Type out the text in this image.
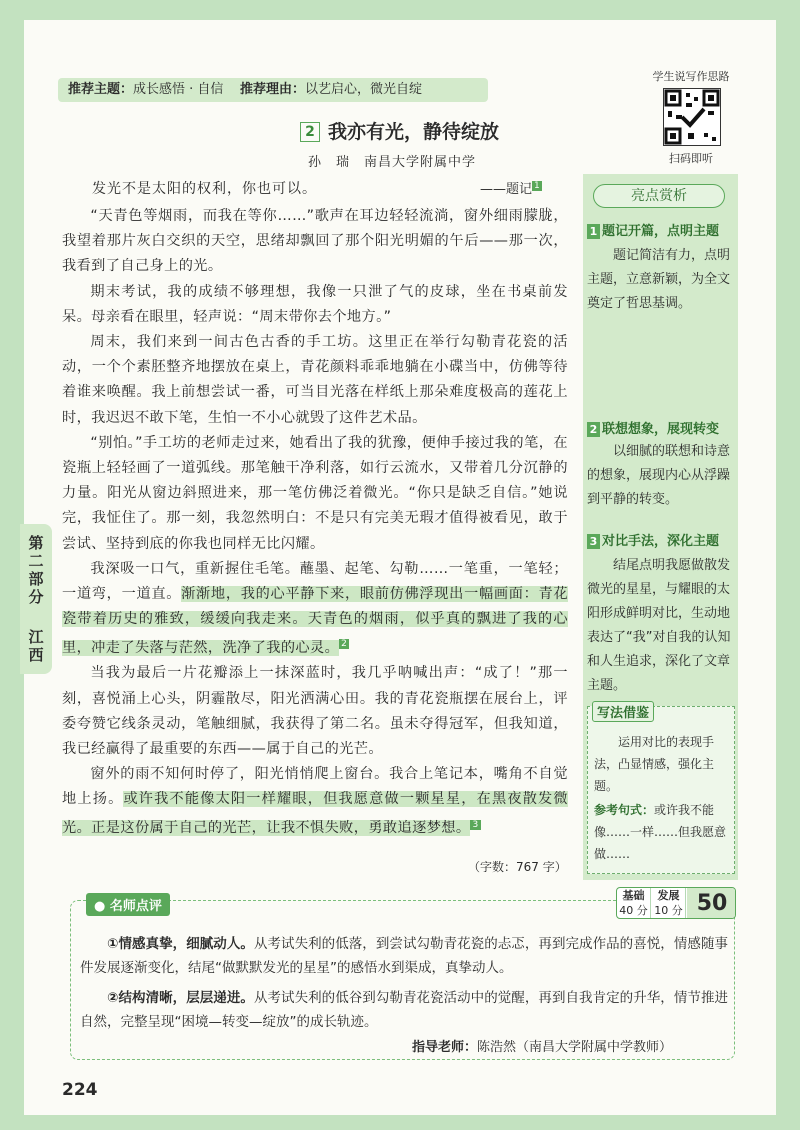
推荐主题：成长感悟 · 自信 推荐理由：以艺启心，微光自绽
学生说写作思路
扫码即听
2 我亦有光，静待绽放
孙　瑞　南昌大学附属中学
发光不是太阳的权利，你也可以。	——题记 $^1$

“天青色等烟雨，而我在等你……”歌声在耳边轻轻流淌，窗外细雨朦胧，我望着那片灰白交织的天空，思绪却飘回了那个阳光明媚的午后——那一次，我看到了自己身上的光。

期末考试，我的成绩不够理想，我像一只泄了气的皮球，坐在书桌前发呆。母亲看在眼里，轻声说：“周末带你去个地方。”

周末，我们来到一间古色古香的手工坊。这里正在举行勾勒青花瓷的活动，一个个素胚整齐地摆放在桌上，青花颜料乖乖地躺在小碟当中，仿佛等待着谁来唤醒。我上前想尝试一番，可当目光落在样纸上那朵难度极高的莲花上时，我迟迟不敢下笔，生怕一不小心就毁了这件艺术品。

“别怕。”手工坊的老师走过来，她看出了我的犹豫，便伸手接过我的笔，在瓷瓶上轻轻画了一道弧线。那笔触干净利落，如行云流水，又带着几分沉静的力量。阳光从窗边斜照进来，那一笔仿佛泛着微光。“你只是缺乏自信。”她说完，我怔住了。那一刻，我忽然明白：不是只有完美无瑕才值得被看见，敢于尝试、坚持到底的你我也同样无比闪耀。

我深吸一口气，重新握住毛笔。蘸墨、起笔、勾勒……一笔重，一笔轻；一道弯，一道直。渐渐地，我的心平静下来，眼前仿佛浮现出一幅画面：青花瓷带着历史的雅致，缓缓向我走来。天青色的烟雨，似乎真的飘进了我的心里，冲走了失落与茫然，洗净了我的心灵。 $^2$

当我为最后一片花瓣添上一抹深蓝时，我几乎呐喊出声：“成了！”那一刻，喜悦涌上心头，阴霾散尽，阳光洒满心田。我的青花瓷瓶摆在展台上，评委夸赞它线条灵动，笔触细腻，我获得了第二名。虽未夺得冠军，但我知道，我已经赢得了最重要的东西——属于自己的光芒。

窗外的雨不知何时停了，阳光悄悄爬上窗台。我合上笔记本，嘴角不自觉地上扬。或许我不能像太阳一样耀眼，但我愿意做一颗星星，在黑夜散发微光。正是这份属于自己的光芒，让我不惧失败，勇敢追逐梦想。 $^3$

（字数：767 字）
第二部分
江西
亮点赏析
1 题记开篇，点明主题
题记简洁有力，点明主题，立意新颖，为全文奠定了哲思基调。
2 联想想象，展现转变
以细腻的联想和诗意的想象，展现内心从浮躁到平静的转变。
3 对比手法，深化主题
结尾点明我愿做散发微光的星星，与耀眼的太阳形成鲜明对比，生动地表达了“我”对自我的认知和人生追求，深化了文章主题。
写法借鉴
运用对比的表现手法，凸显情感，强化主题。
参考句式：或许我不能像……一样……但我愿意做……
● 名师点评
基础
40 分
发展
10 分 50
①情感真挚，细腻动人。从考试失利的低落，到尝试勾勒青花瓷的忐忑，再到完成作品的喜悦，情感随事件发展逐渐变化，结尾“做默默发光的星星”的感悟水到渠成，真挚动人。
②结构清晰，层层递进。从考试失利的低谷到勾勒青花瓷活动中的觉醒，再到自我肯定的升华，情节推进自然，完整呈现“困境—转变—绽放”的成长轨迹。
指导老师：陈浩然（南昌大学附属中学教师）
224
